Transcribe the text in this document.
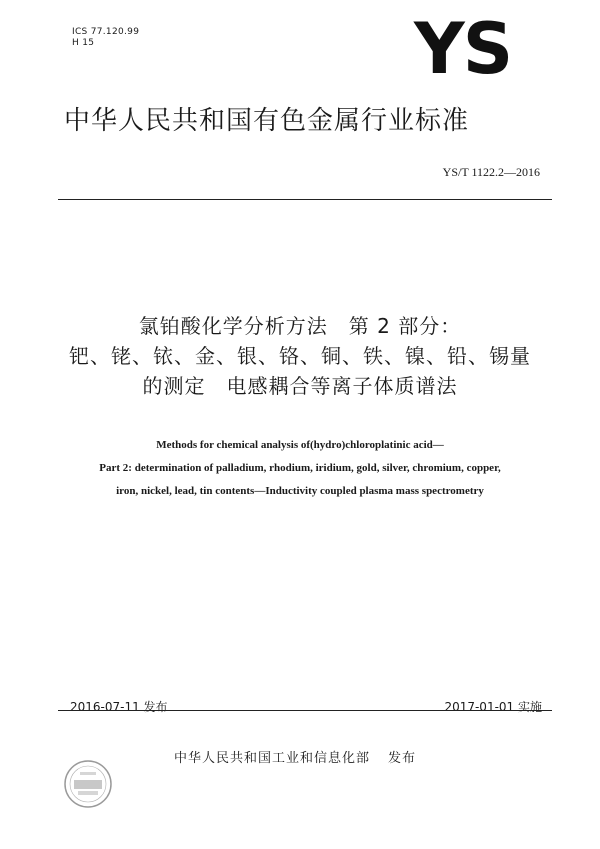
ICS 77.120.99
H 15	YS
中华人民共和国有色金属行业标准
YS/T 1122.2—2016
氯铂酸化学分析方法　第 2 部分：
钯、铑、铱、金、银、铬、铜、铁、镍、铅、锡量
的测定　电感耦合等离子体质谱法
Methods for chemical analysis of(hydro)chloroplatinic acid—
Part 2: determination of palladium, rhodium, iridium, gold, silver, chromium, copper,
iron, nickel, lead, tin contents—Inductivity coupled plasma mass spectrometry
2016-07-11 发布	2017-01-01 实施
中华人民共和国工业和信息化部 发布
